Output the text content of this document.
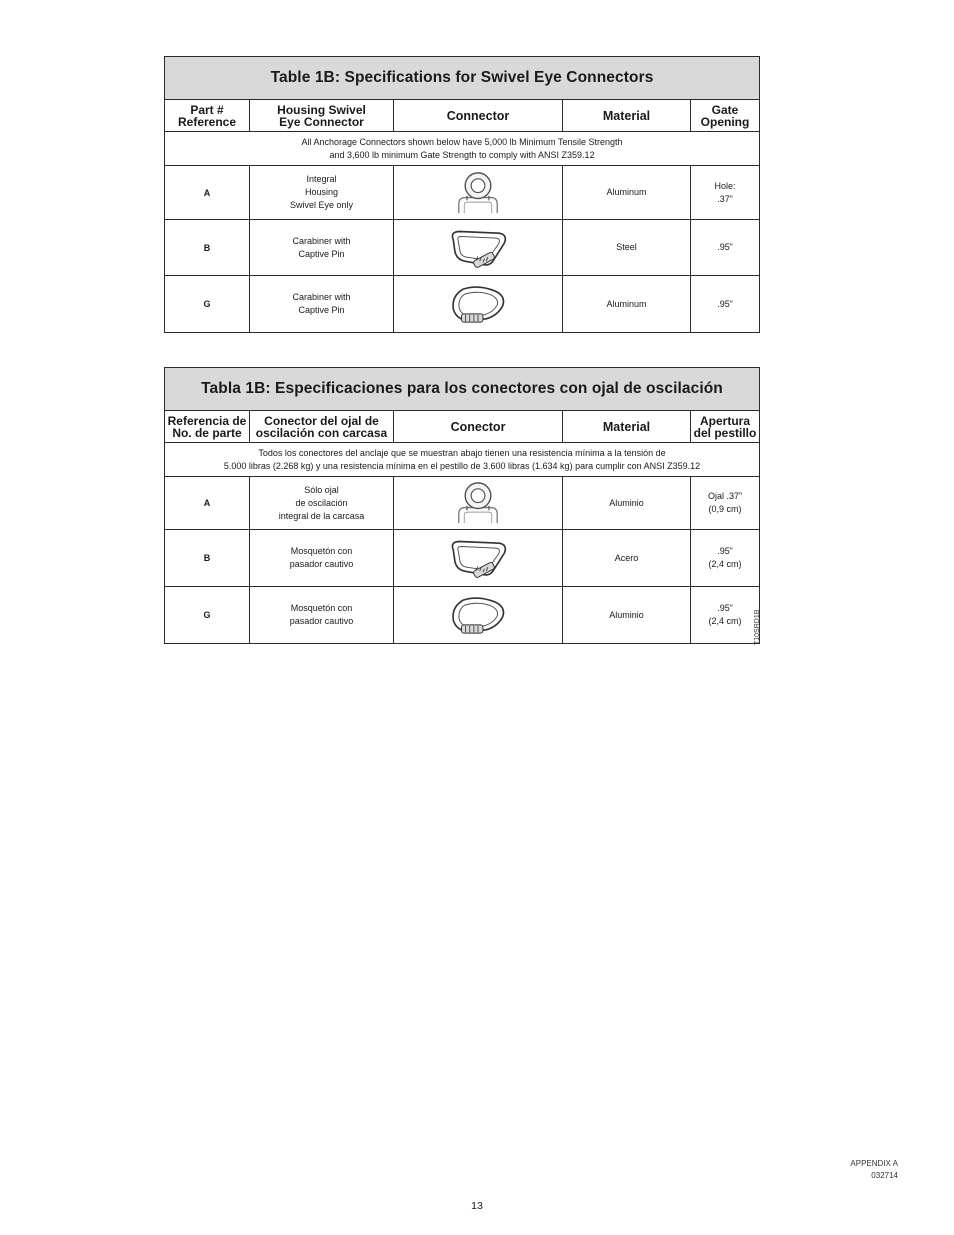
Table 1B: Specifications for Swivel Eye Connectors				

Part #
Reference	Housing Swivel
Eye Connector	Connector	Material	Gate
Opening

All Anchorage Connectors shown below have 5,000 lb Minimum Tensile Strength
and 3,600 lb minimum Gate Strength to comply with ANSI Z359.12				

A	Integral
Housing
Swivel Eye only		Aluminum	Hole:
.37”

B	Carabiner with
Captive Pin		Steel	.95”

G	Carabiner with
Captive Pin		Aluminum	.95”
Tabla 1B: Especificaciones para los conectores con ojal de oscilación				

Referencia de
No. de parte	Conector del ojal de
oscilación con carcasa	Conector	Material	Apertura
del pestillo

Todos los conectores del anclaje que se muestran abajo tienen una resistencia mínima a la tensión de
5.000 libras (2.268 kg) y una resistencia mínima en el pestillo de 3.600 libras (1.634 kg) para cumplir con ANSI Z359.12				

A	Sólo ojal
de oscilación
integral de la carcasa		Aluminio	Ojal .37”
(0,9 cm)

B	Mosquetón con
pasador cautivo		Acero	.95”
(2,4 cm)

G	Mosquetón con
pasador cautivo		Aluminio	.95”
(2,4 cm)	T10SRD1B
APPENDIX A
032714
13
